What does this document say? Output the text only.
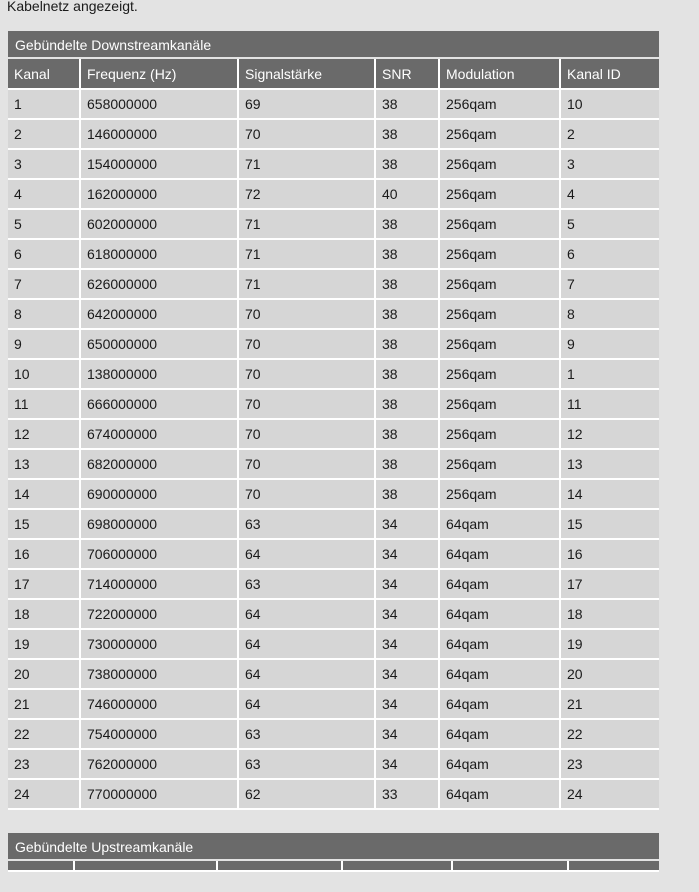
Kabelnetz angezeigt.
Gebündelte Downstreamkanäle
Kanal	Frequenz (Hz)	Signalstärke	SNR	Modulation	Kanal ID
1	658000000	69	38	256qam	10
2	146000000	70	38	256qam	2
3	154000000	71	38	256qam	3
4	162000000	72	40	256qam	4
5	602000000	71	38	256qam	5
6	618000000	71	38	256qam	6
7	626000000	71	38	256qam	7
8	642000000	70	38	256qam	8
9	650000000	70	38	256qam	9
10	138000000	70	38	256qam	1
11	666000000	70	38	256qam	11
12	674000000	70	38	256qam	12
13	682000000	70	38	256qam	13
14	690000000	70	38	256qam	14
15	698000000	63	34	64qam	15
16	706000000	64	34	64qam	16
17	714000000	63	34	64qam	17
18	722000000	64	34	64qam	18
19	730000000	64	34	64qam	19
20	738000000	64	34	64qam	20
21	746000000	64	34	64qam	21
22	754000000	63	34	64qam	22
23	762000000	63	34	64qam	23
24	770000000	62	33	64qam	24
Gebündelte Upstreamkanäle
